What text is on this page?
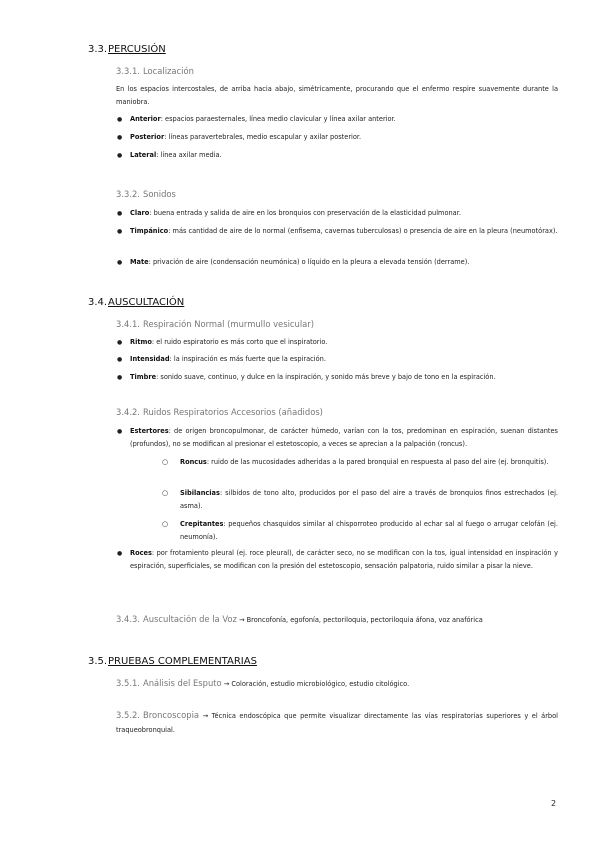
3.3.PERCUSIÓN
3.3.1. Localización
En los espacios intercostales, de arriba hacia abajo, simétricamente, procurando que el enfermo respire suavemente durante la maniobra.
● Anterior: espacios paraesternales, línea medio clavicular y línea axilar anterior.
● Posterior: líneas paravertebrales, medio escapular y axilar posterior.
● Lateral: línea axilar media.
3.3.2. Sonidos
● Claro: buena entrada y salida de aire en los bronquios con preservación de la elasticidad pulmonar.
● Timpánico: más cantidad de aire de lo normal (enfisema, cavernas tuberculosas) o presencia de aire en la pleura (neumotórax).
● Mate: privación de aire (condensación neumónica) o líquido en la pleura a elevada tensión (derrame).
3.4.AUSCULTACIÓN
3.4.1. Respiración Normal (murmullo vesicular)
● Ritmo: el ruido espiratorio es más corto que el inspiratorio.
● Intensidad: la inspiración es más fuerte que la espiración.
● Timbre: sonido suave, continuo, y dulce en la inspiración, y sonido más breve y bajo de tono en la espiración.
3.4.2. Ruidos Respiratorios Accesorios (añadidos)
● Estertores: de origen broncopulmonar, de carácter húmedo, varían con la tos, predominan en espiración, suenan distantes (profundos), no se modifican al presionar el estetoscopio, a veces se aprecian a la palpación (roncus).
○ Roncus: ruido de las mucosidades adheridas a la pared bronquial en respuesta al paso del aire (ej. bronquitis).
○ Sibilancias: silbidos de tono alto, producidos por el paso del aire a través de bronquios finos estrechados (ej. asma).
○ Crepitantes: pequeños chasquidos similar al chisporroteo producido al echar sal al fuego o arrugar celofán (ej. neumonía).
● Roces: por frotamiento pleural (ej. roce pleural), de carácter seco, no se modifican con la tos, igual intensidad en inspiración y espiración, superficiales, se modifican con la presión del estetoscopio, sensación palpatoria, ruido similar a pisar la nieve.
3.4.3. Auscultación de la Voz → Broncofonía, egofonía, pectoriloquia, pectoriloquia áfona, voz anafórica
3.5.PRUEBAS COMPLEMENTARIAS
3.5.1. Análisis del Esputo → Coloración, estudio microbiológico, estudio citológico.
3.5.2. Broncoscopia → Técnica endoscópica que permite visualizar directamente las vías respiratorias superiores y el árbol traqueobronquial.
2
